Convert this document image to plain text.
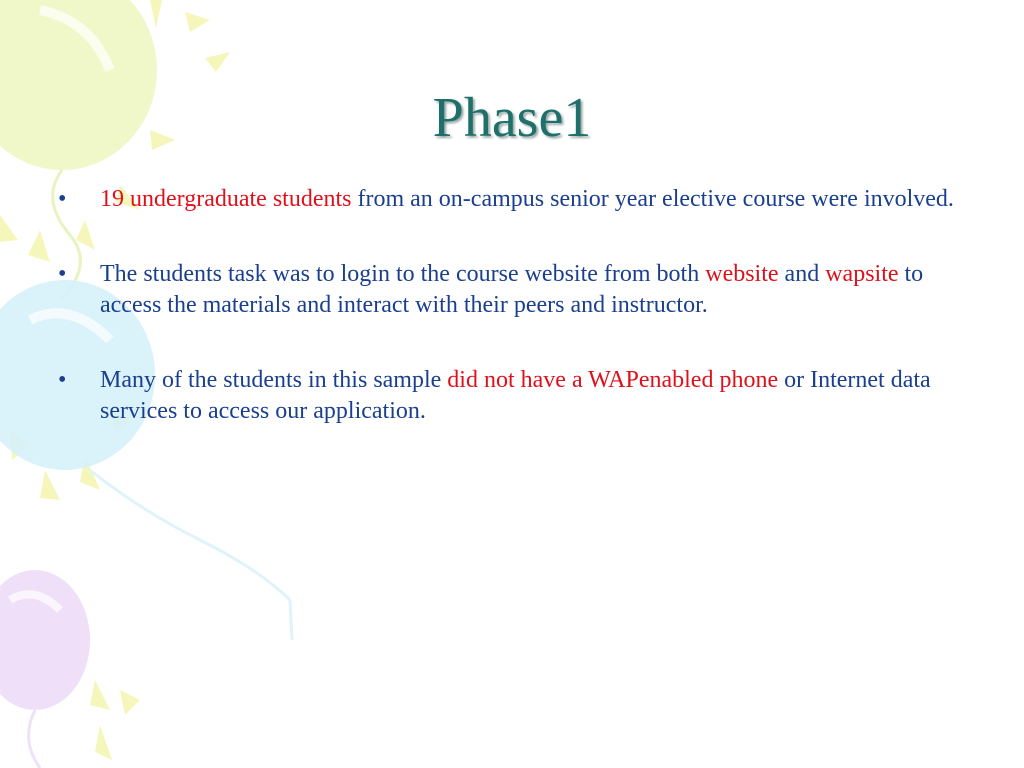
Phase1
• 19 undergraduate students from an on-campus senior year elective course were involved.
• The students task was to login to the course website from both website and wapsite to access the materials and interact with their peers and instructor.
• Many of the students in this sample did not have a WAPenabled phone or Internet data services to access our application.
